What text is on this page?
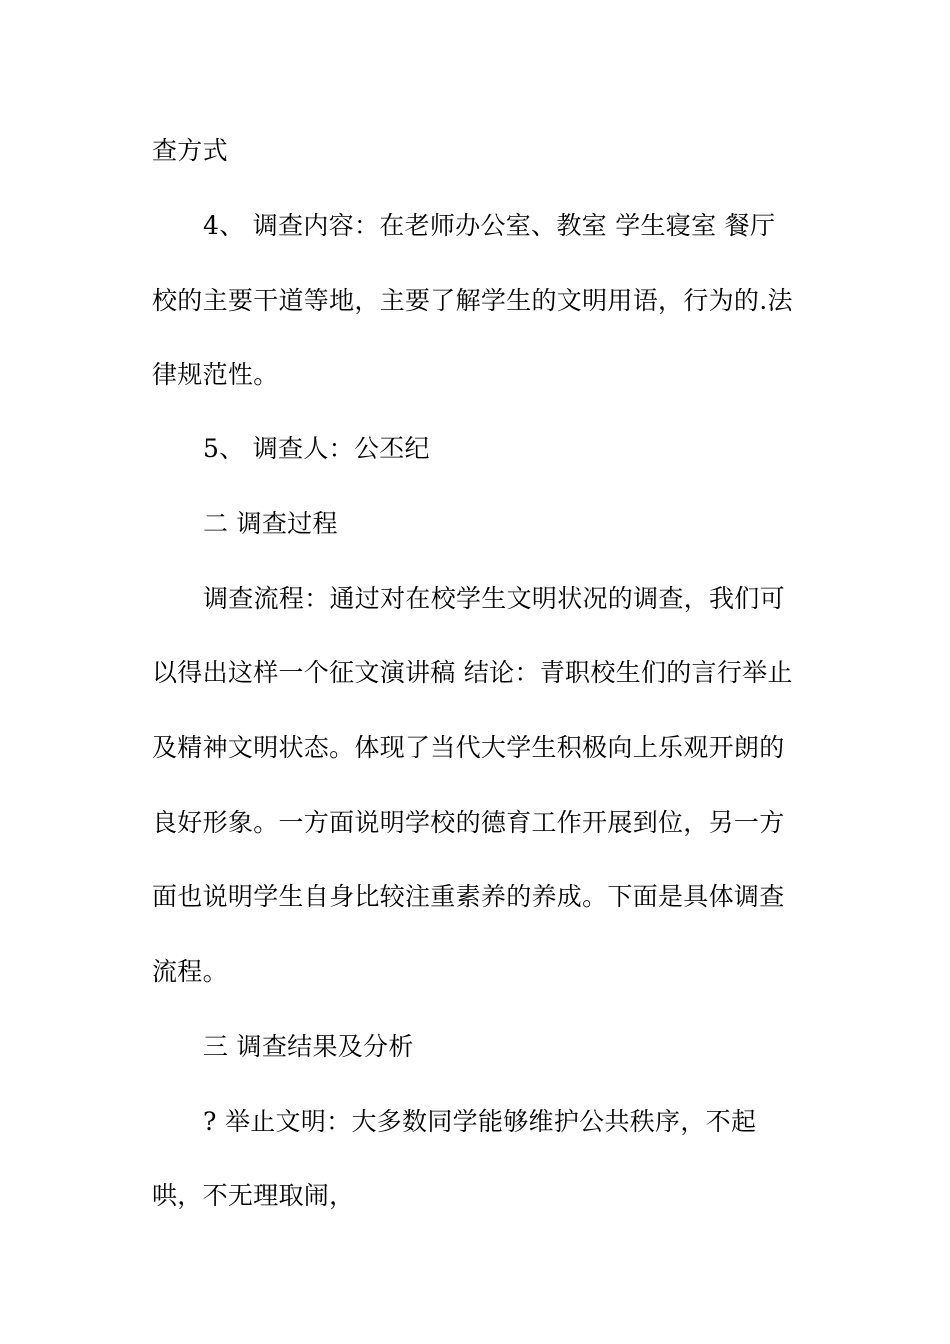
查方式
4、 调查内容：在老师办公室、教室 学生寝室 餐厅
校的主要干道等地，主要了解学生的文明用语，行为的.法
律规范性。
5、 调查人：公丕纪
二 调查过程
调查流程：通过对在校学生文明状况的调查，我们可
以得出这样一个征文演讲稿 结论：青职校生们的言行举止
及精神文明状态。体现了当代大学生积极向上乐观开朗的
良好形象。一方面说明学校的德育工作开展到位，另一方
面也说明学生自身比较注重素养的养成。下面是具体调查
流程。
三 调查结果及分析
? 举止文明：大多数同学能够维护公共秩序，不起
哄，不无理取闹，
